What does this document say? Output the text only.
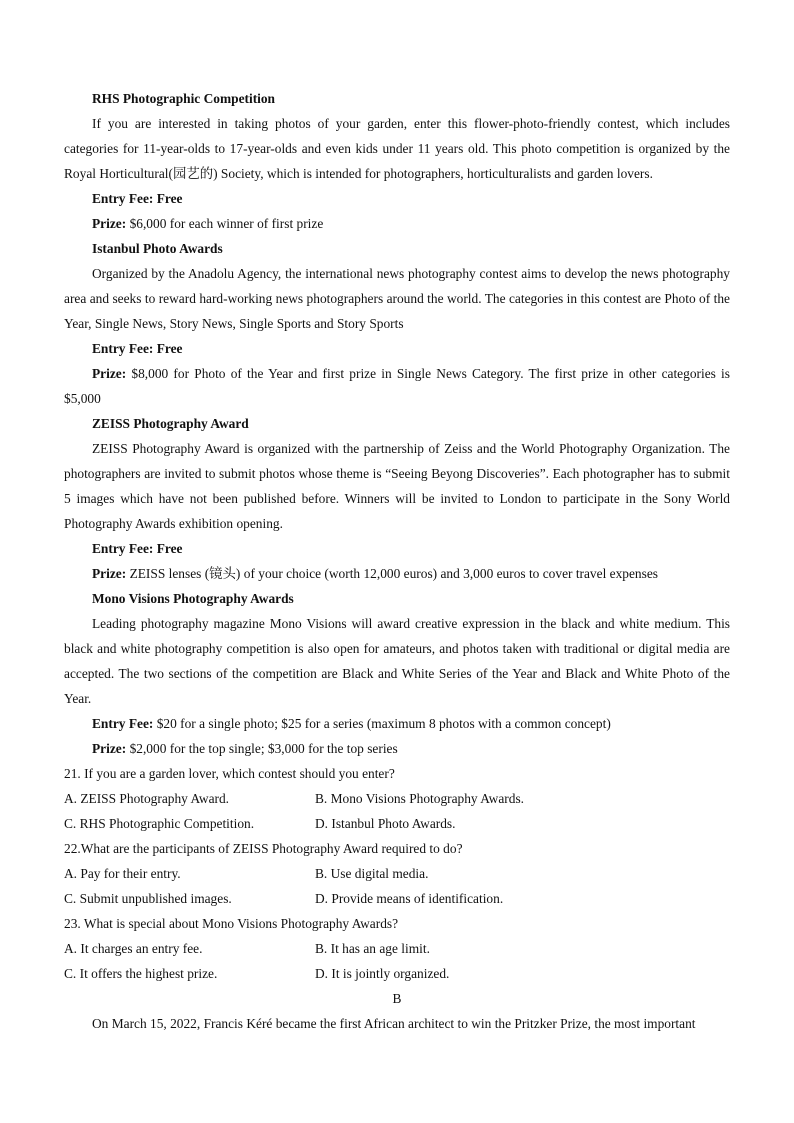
RHS Photographic Competition

If you are interested in taking photos of your garden, enter this flower-photo-friendly contest, which includes categories for 11-year-olds to 17-year-olds and even kids under 11 years old. This photo competition is organized by the Royal Horticultural(园艺的) Society, which is intended for photographers, horticulturalists and garden lovers.

Entry Fee: Free

Prize: $6,000 for each winner of first prize

Istanbul Photo Awards

Organized by the Anadolu Agency, the international news photography contest aims to develop the news photography area and seeks to reward hard-working news photographers around the world. The categories in this contest are Photo of the Year, Single News, Story News, Single Sports and Story Sports

Entry Fee: Free

Prize: $8,000 for Photo of the Year and first prize in Single News Category. The first prize in other categories is $5,000

ZEISS Photography Award

ZEISS Photography Award is organized with the partnership of Zeiss and the World Photography Organization. The photographers are invited to submit photos whose theme is “Seeing Beyong Discoveries”. Each photographer has to submit 5 images which have not been published before. Winners will be invited to London to participate in the Sony World Photography Awards exhibition opening.

Entry Fee: Free

Prize: ZEISS lenses (镜头) of your choice (worth 12,000 euros) and 3,000 euros to cover travel expenses

Mono Visions Photography Awards

Leading photography magazine Mono Visions will award creative expression in the black and white medium. This black and white photography competition is also open for amateurs, and photos taken with traditional or digital media are accepted. The two sections of the competition are Black and White Series of the Year and Black and White Photo of the Year.

Entry Fee: $20 for a single photo; $25 for a series (maximum 8 photos with a common concept)

Prize: $2,000 for the top single; $3,000 for the top series

21. If you are a garden lover, which contest should you enter?

A. ZEISS Photography Award.	B. Mono Visions Photography Awards.
C. RHS Photographic Competition.	D. Istanbul Photo Awards.

22.What are the participants of ZEISS Photography Award required to do?

A. Pay for their entry.	B. Use digital media.
C. Submit unpublished images.	D. Provide means of identification.

23. What is special about Mono Visions Photography Awards?

A. It charges an entry fee.	B. It has an age limit.
C. It offers the highest prize.	D. It is jointly organized.

B

On March 15, 2022, Francis Kéré became the first African architect to win the Pritzker Prize, the most important
